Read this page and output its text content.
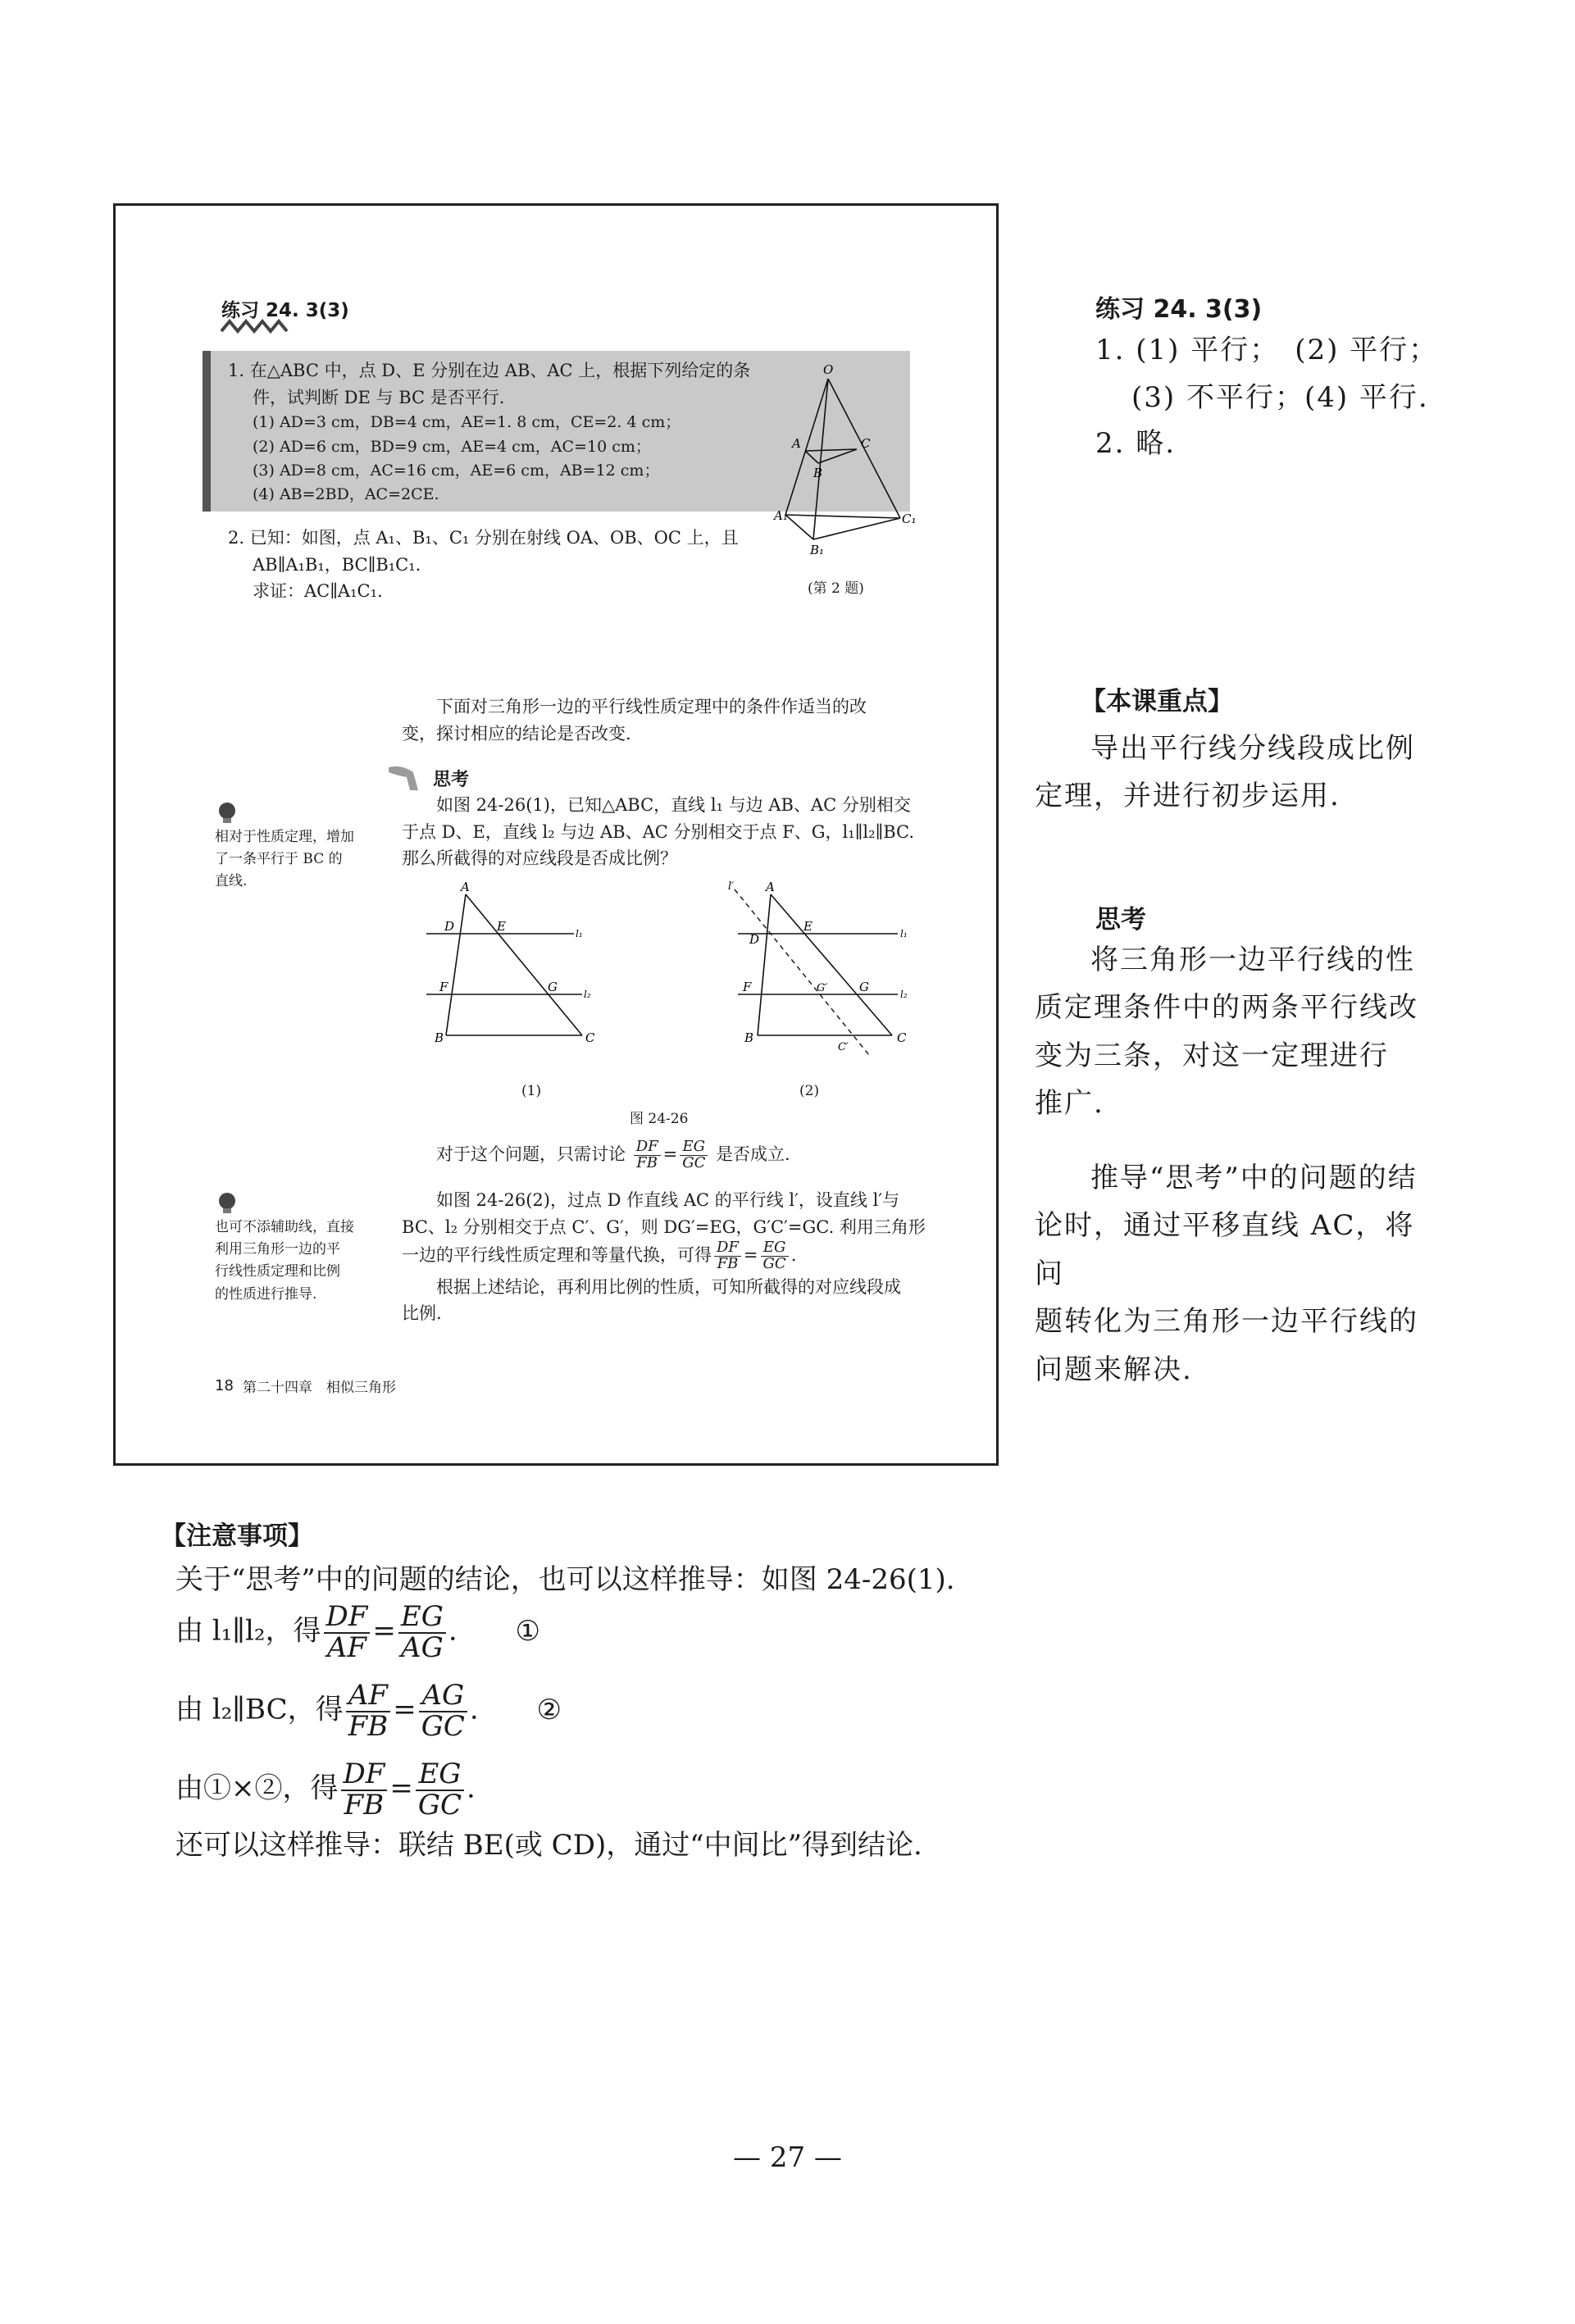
练习 24. 3(3)
1. 在△ABC 中，点 D、E 分别在边 AB、AC 上，根据下列给定的条
件，试判断 DE 与 BC 是否平行.
(1) AD=3 cm，DB=4 cm，AE=1. 8 cm，CE=2. 4 cm；
(2) AD=6 cm，BD=9 cm，AE=4 cm，AC=10 cm；
(3) AD=8 cm，AC=16 cm，AE=6 cm，AB=12 cm；
(4) AB=2BD，AC=2CE.
2. 已知：如图，点 A₁、B₁、C₁ 分别在射线 OA、OB、OC 上，且
AB∥A₁B₁，BC∥B₁C₁.
求证：AC∥A₁C₁.
O
A
B
C
A₁
B₁
C₁
(第 2 题)
下面对三角形一边的平行线性质定理中的条件作适当的改
变，探讨相应的结论是否改变.
思考
相对于性质定理，增加
了一条平行于 BC 的
直线.
如图 24-26(1)，已知△ABC，直线 l₁ 与边 AB、AC 分别相交
于点 D、E，直线 l₂ 与边 AB、AC 分别相交于点 F、G，l₁∥l₂∥BC.
那么所截得的对应线段是否成比例？
A
D	E
F	G
B	C
l₁
l₂
(1)
l′	A
D
E
F	G′	G
B
C′
C
l₁
l₂
(2)
图 24-26
对于这个问题，只需讨论 $\frac{DF}{FB} = \frac{EG}{GC}$ 是否成立.
也可不添辅助线，直接
利用三角形一边的平
行线性质定理和比例
的性质进行推导.
如图 24-26(2)，过点 D 作直线 AC 的平行线 l′，设直线 l′与
BC、l₂ 分别相交于点 C′、G′，则 DG′=EG，G′C′=GC. 利用三角形
一边的平行线性质定理和等量代换，可得 $\frac{DF}{FB} = \frac{EG}{GC}$ .
根据上述结论，再利用比例的性质，可知所截得的对应线段成
比例.
18 第二十四章　相似三角形
练习 24. 3(3)
1. (1) 平行；　(2) 平行；
(3) 不平行；(4) 平行.
2. 略.
【本课重点】
导出平行线分线段成比例
定理，并进行初步运用.
思考
将三角形一边平行线的性
质定理条件中的两条平行线改
变为三条，对这一定理进行
推广.
推导“思考”中的问题的结
论时，通过平移直线 AC，将问
题转化为三角形一边平行线的
问题来解决.
【注意事项】
关于“思考”中的问题的结论，也可以这样推导：如图 24-26(1).
由 l₁∥l₂，得 $\frac{DF}{AF} = \frac{EG}{AG}$ . ①
由 l₂∥BC，得 $\frac{AF}{FB} = \frac{AG}{GC}$ . ②
由①×②，得 $\frac{DF}{FB} = \frac{EG}{GC}$ .
还可以这样推导：联结 BE(或 CD)，通过“中间比”得到结论.
— 27 —
